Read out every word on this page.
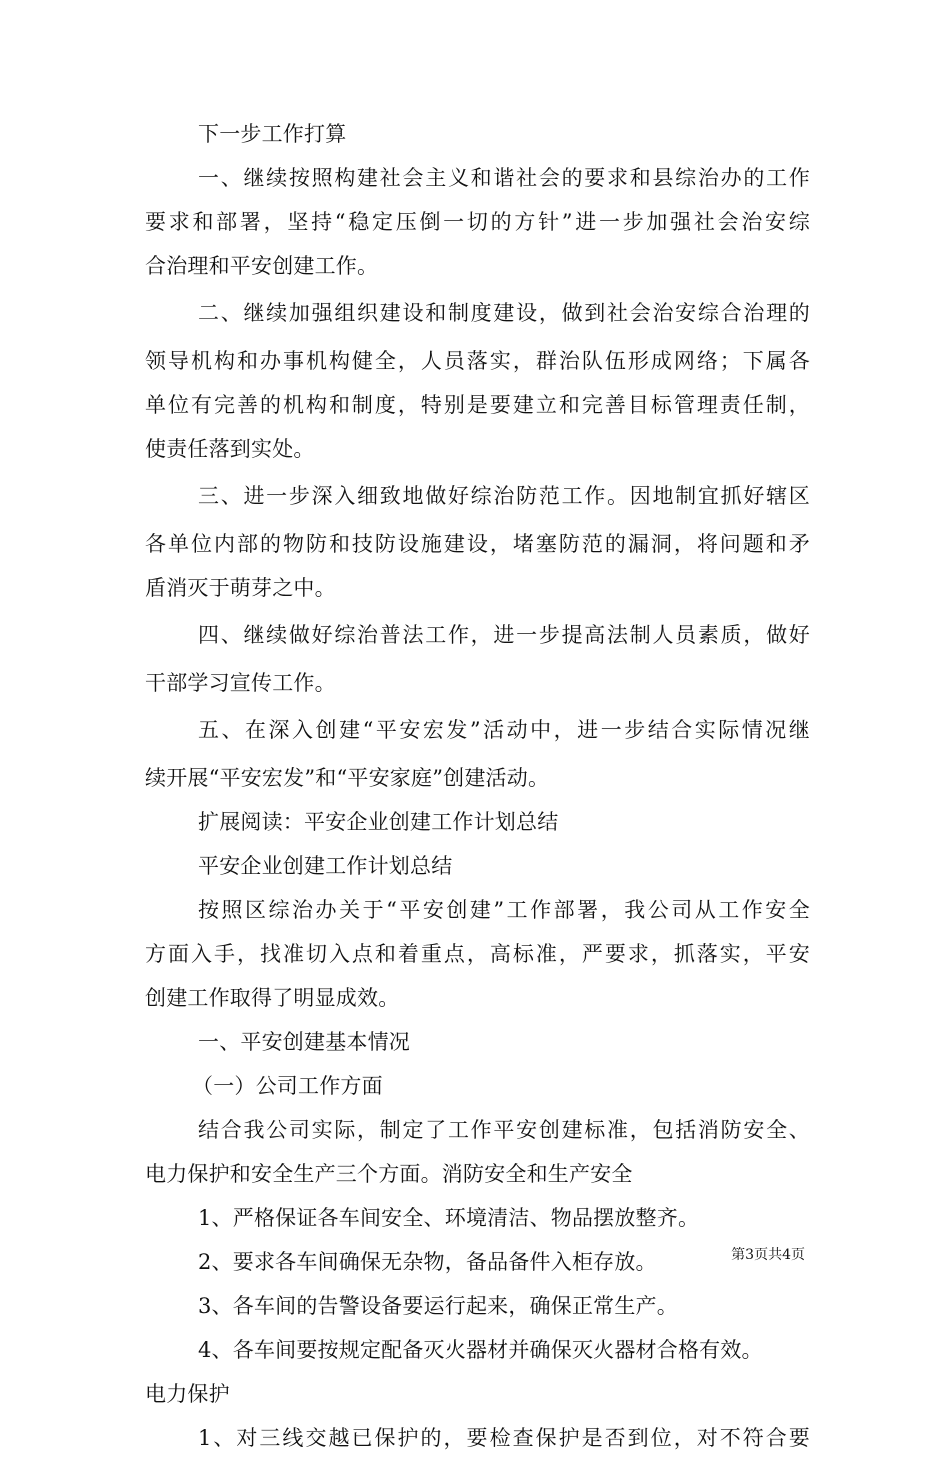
下一步工作打算
一、继续按照构建社会主义和谐社会的要求和县综治办的工作
要求和部署，坚持“稳定压倒一切的方针”进一步加强社会治安综
合治理和平安创建工作。
二、继续加强组织建设和制度建设，做到社会治安综合治理的
领导机构和办事机构健全，人员落实，群治队伍形成网络；下属各
单位有完善的机构和制度，特别是要建立和完善目标管理责任制，
使责任落到实处。
三、进一步深入细致地做好综治防范工作。因地制宜抓好辖区
各单位内部的物防和技防设施建设，堵塞防范的漏洞，将问题和矛
盾消灭于萌芽之中。
四、继续做好综治普法工作，进一步提高法制人员素质，做好
干部学习宣传工作。
五、在深入创建“平安宏发”活动中，进一步结合实际情况继
续开展“平安宏发”和“平安家庭”创建活动。
扩展阅读：平安企业创建工作计划总结
平安企业创建工作计划总结
按照区综治办关于“平安创建”工作部署，我公司从工作安全
方面入手，找准切入点和着重点，高标准，严要求，抓落实，平安
创建工作取得了明显成效。
一、平安创建基本情况
（一）公司工作方面
结合我公司实际，制定了工作平安创建标准，包括消防安全、
电力保护和安全生产三个方面。消防安全和生产安全
1、严格保证各车间安全、环境清洁、物品摆放整齐。
2、要求各车间确保无杂物，备品备件入柜存放。
3、各车间的告警设备要运行起来，确保正常生产。
4、各车间要按规定配备灭火器材并确保灭火器材合格有效。
电力保护
1、对三线交越已保护的，要检查保护是否到位，对不符合要
第3页共4页
